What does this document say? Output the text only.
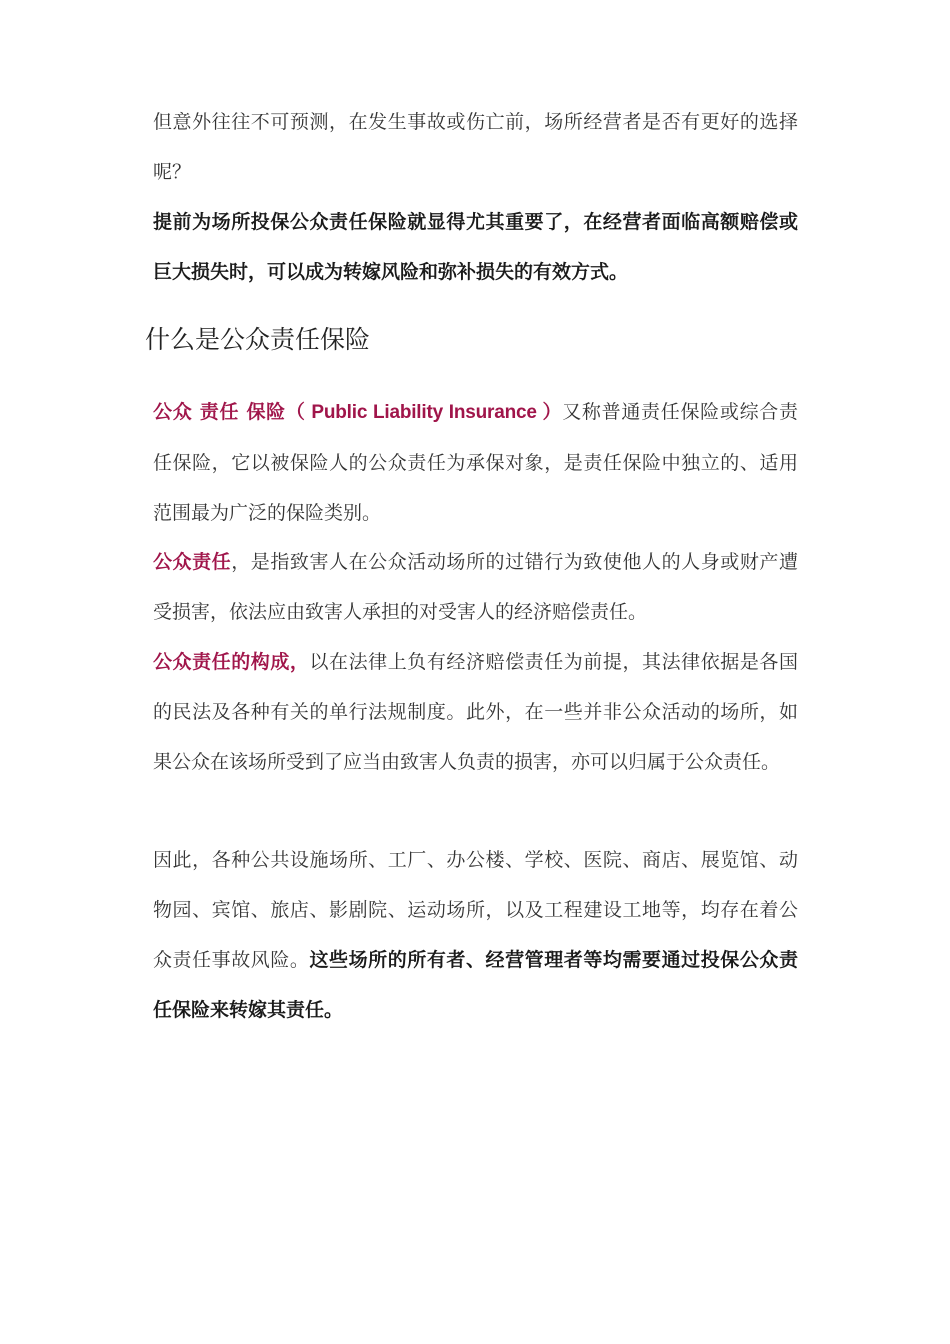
但意外往往不可预测，在发生事故或伤亡前，场所经营者是否有更好的选择呢？

提前为场所投保公众责任保险就显得尤其重要了，在经营者面临高额赔偿或巨大损失时，可以成为转嫁风险和弥补损失的有效方式。

什么是公众责任保险

公众 责任 保险（ Public Liability Insurance ）又称普通责任保险或综合责任保险，它以被保险人的公众责任为承保对象，是责任保险中独立的、适用范围最为广泛的保险类别。

公众责任，是指致害人在公众活动场所的过错行为致使他人的人身或财产遭受损害，依法应由致害人承担的对受害人的经济赔偿责任。

公众责任的构成，以在法律上负有经济赔偿责任为前提，其法律依据是各国的民法及各种有关的单行法规制度。此外，在一些并非公众活动的场所，如果公众在该场所受到了应当由致害人负责的损害，亦可以归属于公众责任。

因此，各种公共设施场所、工厂、办公楼、学校、医院、商店、展览馆、动物园、宾馆、旅店、影剧院、运动场所，以及工程建设工地等，均存在着公众责任事故风险。这些场所的所有者、经营管理者等均需要通过投保公众责任保险来转嫁其责任。
